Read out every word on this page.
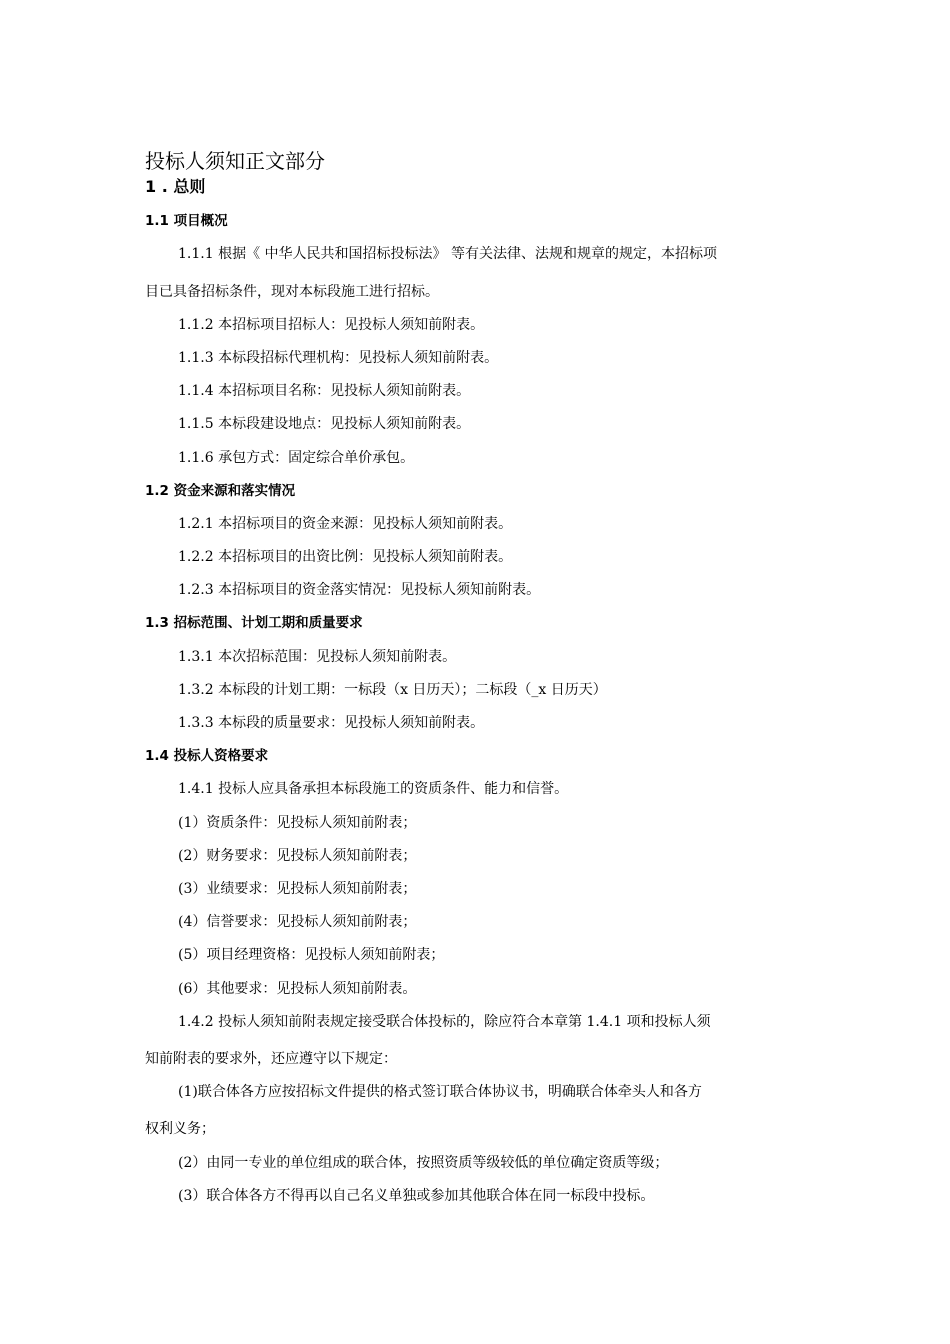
投标人须知正文部分
1 . 总则
1.1 项目概况
1.1.1 根据《 中华人民共和国招标投标法》 等有关法律、法规和规章的规定，本招标项
目已具备招标条件，现对本标段施工进行招标。
1.1.2 本招标项目招标人：见投标人须知前附表。
1.1.3 本标段招标代理机构：见投标人须知前附表。
1.1.4 本招标项目名称：见投标人须知前附表。
1.1.5 本标段建设地点：见投标人须知前附表。
1.1.6 承包方式：固定综合单价承包。
1.2 资金来源和落实情况
1.2.1 本招标项目的资金来源：见投标人须知前附表。
1.2.2 本招标项目的出资比例：见投标人须知前附表。
1.2.3 本招标项目的资金落实情况：见投标人须知前附表。
1.3 招标范围、计划工期和质量要求
1.3.1 本次招标范围：见投标人须知前附表。
1.3.2 本标段的计划工期：一标段（x 日历天）；二标段（_x 日历天）
1.3.3 本标段的质量要求：见投标人须知前附表。
1.4 投标人资格要求
1.4.1 投标人应具备承担本标段施工的资质条件、能力和信誉。
(1）资质条件：见投标人须知前附表；
(2）财务要求：见投标人须知前附表；
(3）业绩要求：见投标人须知前附表；
(4）信誉要求：见投标人须知前附表；
(5）项目经理资格：见投标人须知前附表；
(6）其他要求：见投标人须知前附表。
1.4.2 投标人须知前附表规定接受联合体投标的，除应符合本章第 1.4.1 项和投标人须
知前附表的要求外，还应遵守以下规定：
(1)联合体各方应按招标文件提供的格式签订联合体协议书，明确联合体牵头人和各方
权利义务；
(2）由同一专业的单位组成的联合体，按照资质等级较低的单位确定资质等级；
(3）联合体各方不得再以自己名义单独或参加其他联合体在同一标段中投标。
